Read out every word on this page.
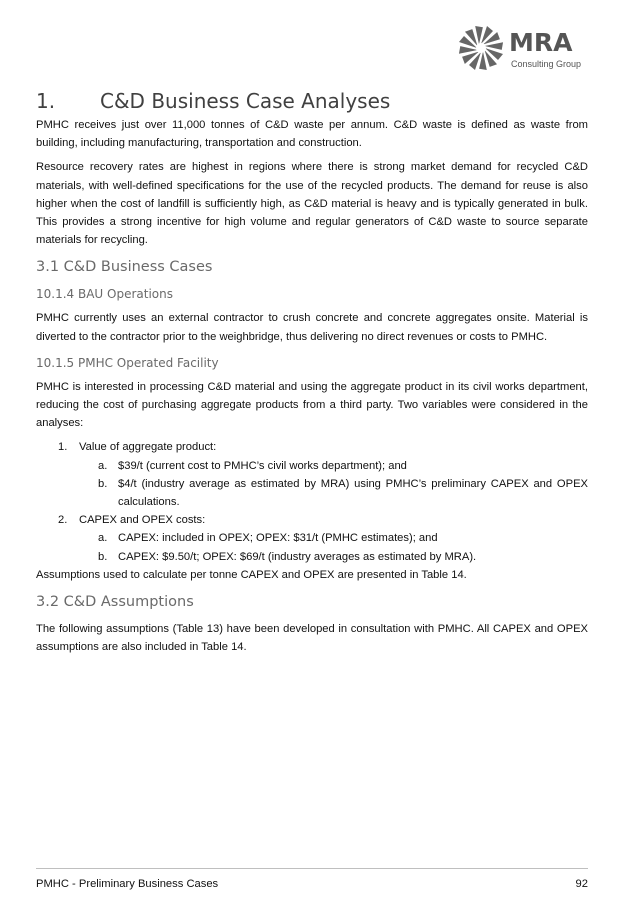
MRA
Consulting Group
1. C&D Business Case Analyses

PMHC receives just over 11,000 tonnes of C&D waste per annum. C&D waste is defined as waste from building, including manufacturing, transportation and construction.

Resource recovery rates are highest in regions where there is strong market demand for recycled C&D materials, with well-defined specifications for the use of the recycled products. The demand for reuse is also higher when the cost of landfill is sufficiently high, as C&D material is heavy and is typically generated in bulk. This provides a strong incentive for high volume and regular generators of C&D waste to source separate materials for recycling.

3.1 C&D Business Cases
10.1.4 BAU Operations

PMHC currently uses an external contractor to crush concrete and concrete aggregates onsite. Material is diverted to the contractor prior to the weighbridge, thus delivering no direct revenues or costs to PMHC.

10.1.5 PMHC Operated Facility

PMHC is interested in processing C&D material and using the aggregate product in its civil works department, reducing the cost of purchasing aggregate products from a third party. Two variables were considered in the analyses:

1. Value of aggregate product:
a. $39/t (current cost to PMHC’s civil works department); and
b. $4/t (industry average as estimated by MRA) using PMHC’s preliminary CAPEX and OPEX calculations.
2. CAPEX and OPEX costs:
a. CAPEX: included in OPEX; OPEX: $31/t (PMHC estimates); and
b. CAPEX: $9.50/t; OPEX: $69/t (industry averages as estimated by MRA).
Assumptions used to calculate per tonne CAPEX and OPEX are presented in Table 14.
3.2 C&D Assumptions

The following assumptions (Table 13) have been developed in consultation with PMHC. All CAPEX and OPEX assumptions are also included in Table 14.

PMHC - Preliminary Business Cases	92
